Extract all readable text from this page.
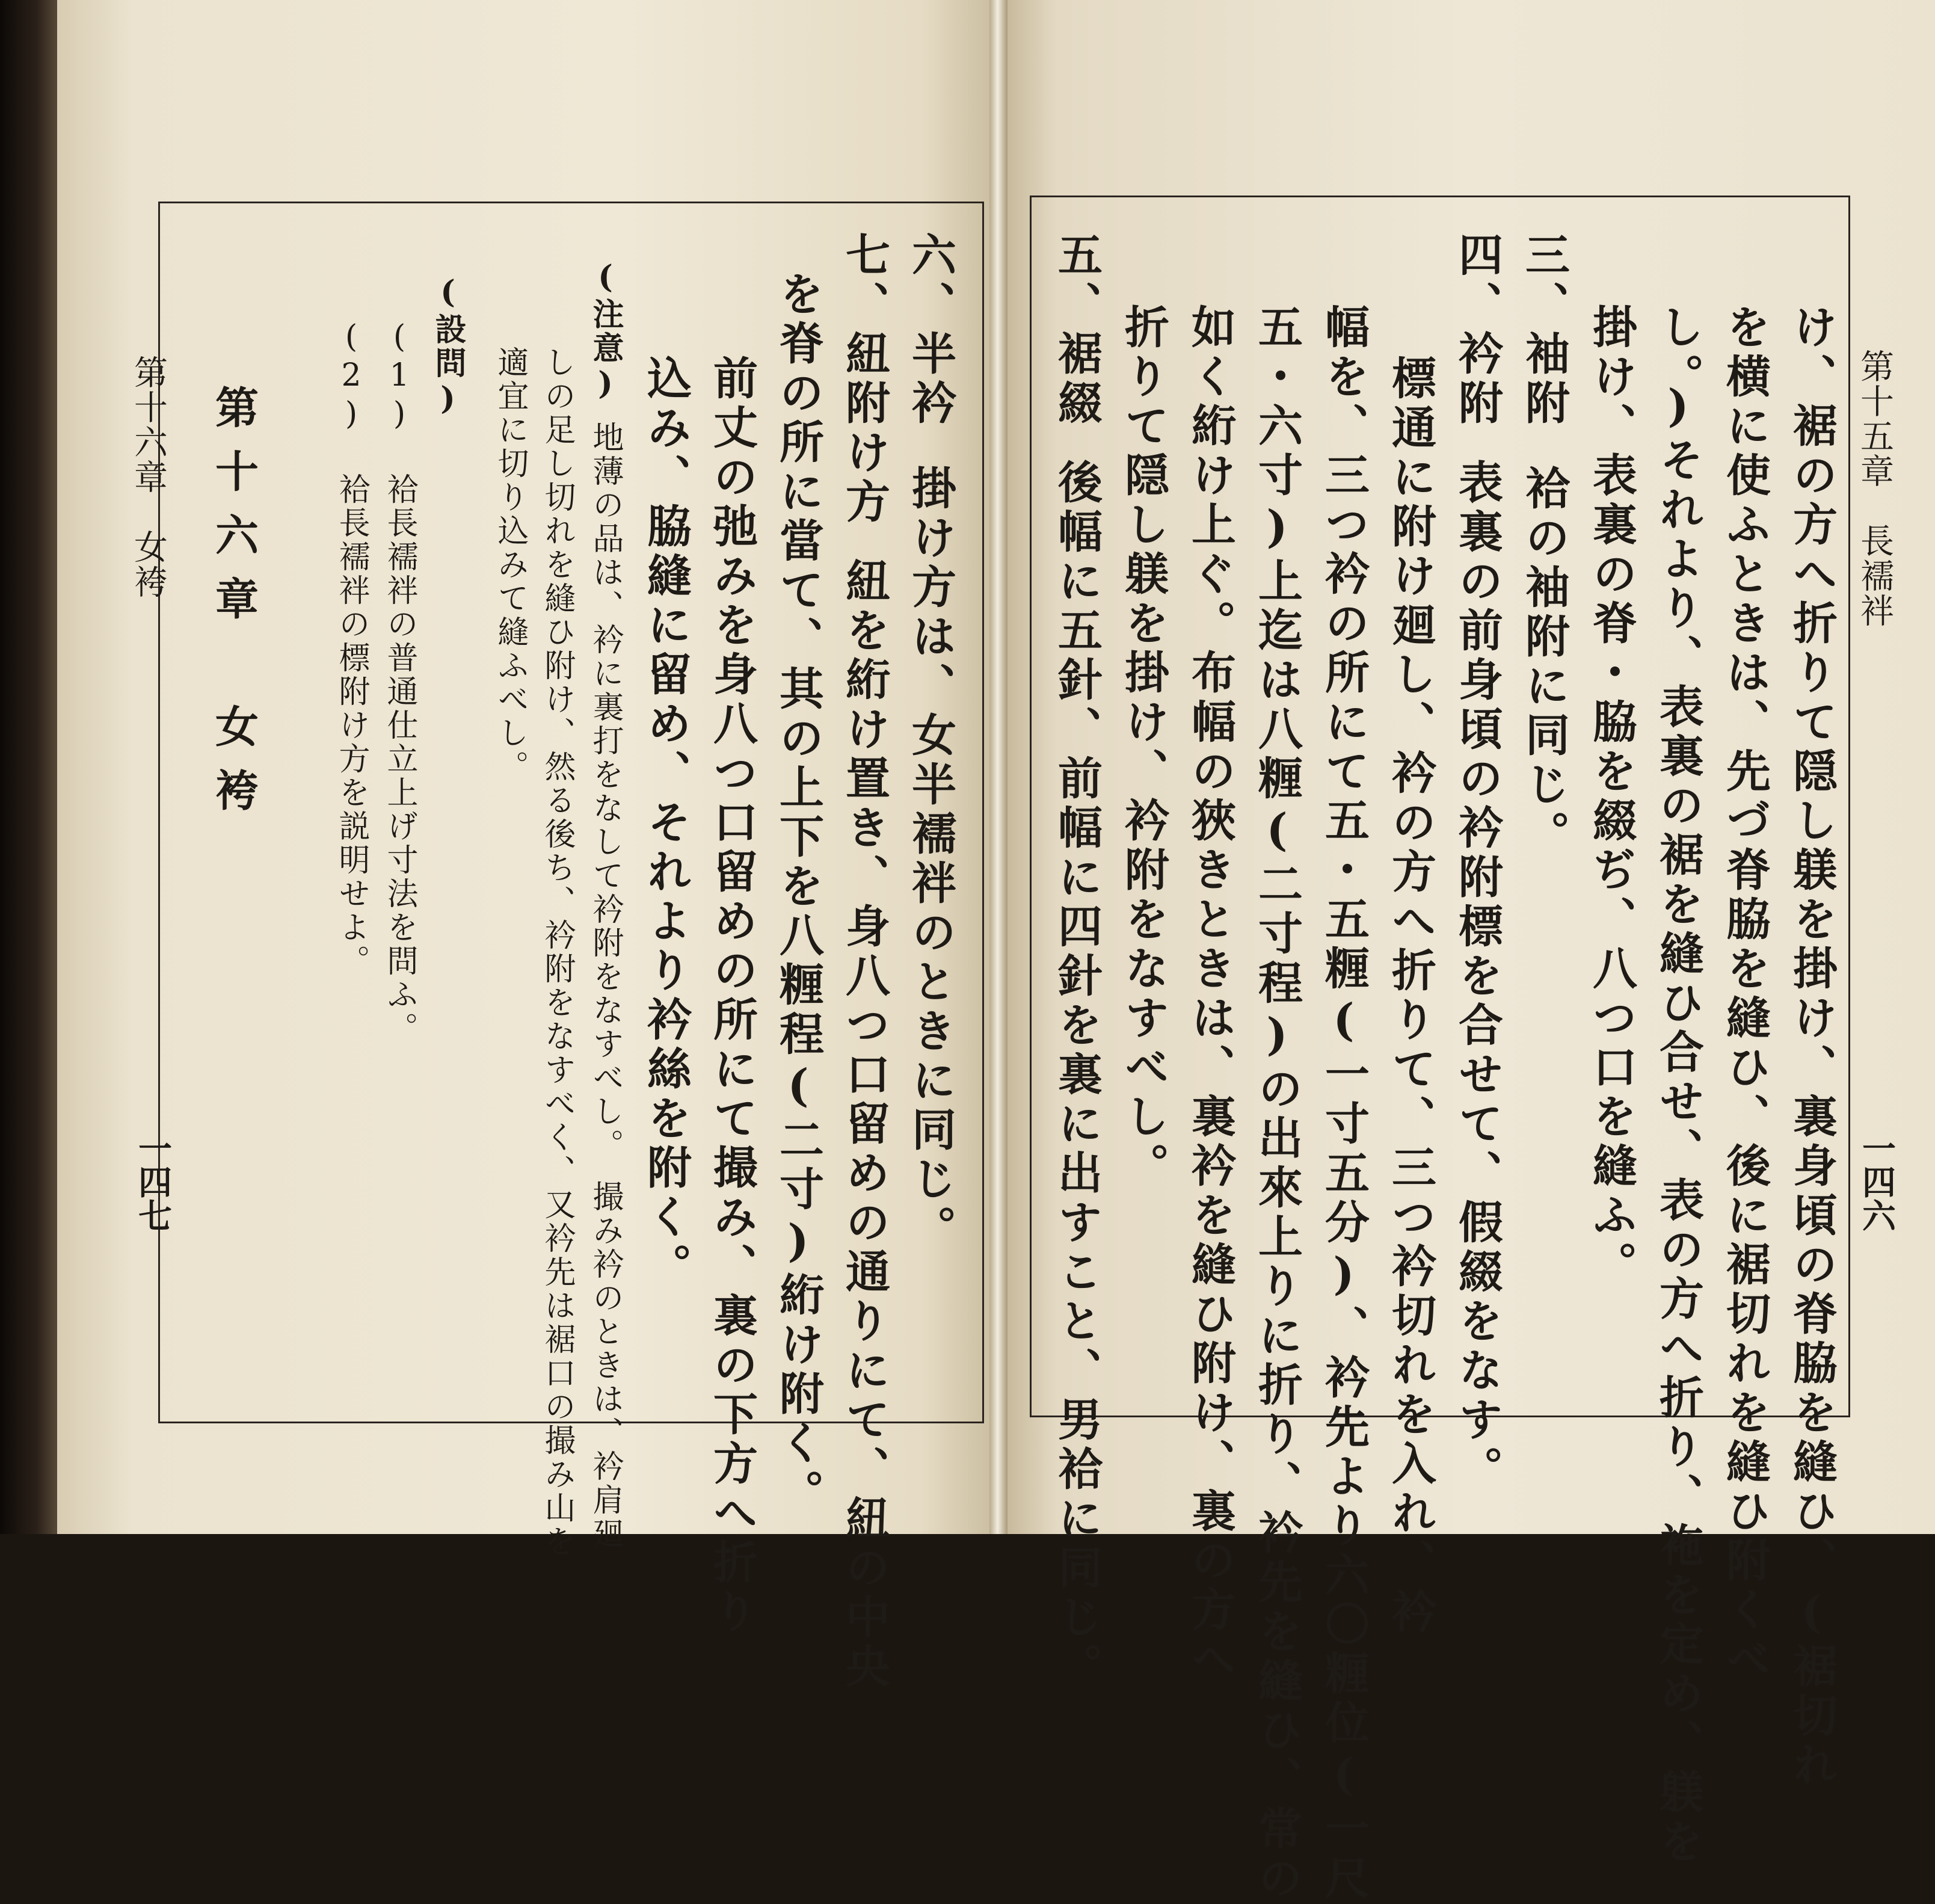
第十六章　女袴
一四七
六、半衿掛け方は、女半襦袢のときに同じ。
七、紐附け方紐を絎け置き、身八つ口留めの通りにて、紐の中央
を脊の所に當て、其の上下を八糎程(二寸)絎け附く。
前丈の弛みを身八つ口留めの所にて撮み、裏の下方へ折り
込み、脇縫に留め、それより衿絲を附く。
(注意)地薄の品は、衿に裏打をなして衿附をなすべし。　撮み衿のときは、衿肩廻
しの足し切れを縫ひ附け、然る後ち、衿附をなすべく、又衿先は裾口の撮み山を
適宜に切り込みて縫ふべし。
(設問)
(1) 袷長襦袢の普通仕立上げ寸法を問ふ。
(2) 袷長襦袢の標附け方を説明せよ。
第十六章　女袴	第十五章　長襦袢
一四六
け、裾の方へ折りて隠し躾を掛け、裏身頃の脊脇を縫ひ、(裾切れ
を横に使ふときは、先づ脊脇を縫ひ、後に裾切れを縫ひ附くべ
し。)それより、表裏の裾を縫ひ合せ、表の方へ折り、袘を定め、躾を
掛け、表裏の脊・脇を綴ぢ、八つ口を縫ふ。
三、袖附袷の袖附に同じ。
四、衿附表裏の前身頃の衿附標を合せて、假綴をなす。
標通に附け廻し、衿の方へ折りて、三つ衿切れを入れ、衿
幅を、三つ衿の所にて五・五糎(一寸五分)、衿先より六〇糎位(一尺
五・六寸)上迄は八糎(二寸程)の出來上りに折り、衿先を縫ひ、常の
如く絎け上ぐ。布幅の狹きときは、裏衿を縫ひ附け、裏の方へ
折りて隠し躾を掛け、衿附をなすべし。
五、裾綴後幅に五針、前幅に四針を裏に出すこと、男袷に同じ。
